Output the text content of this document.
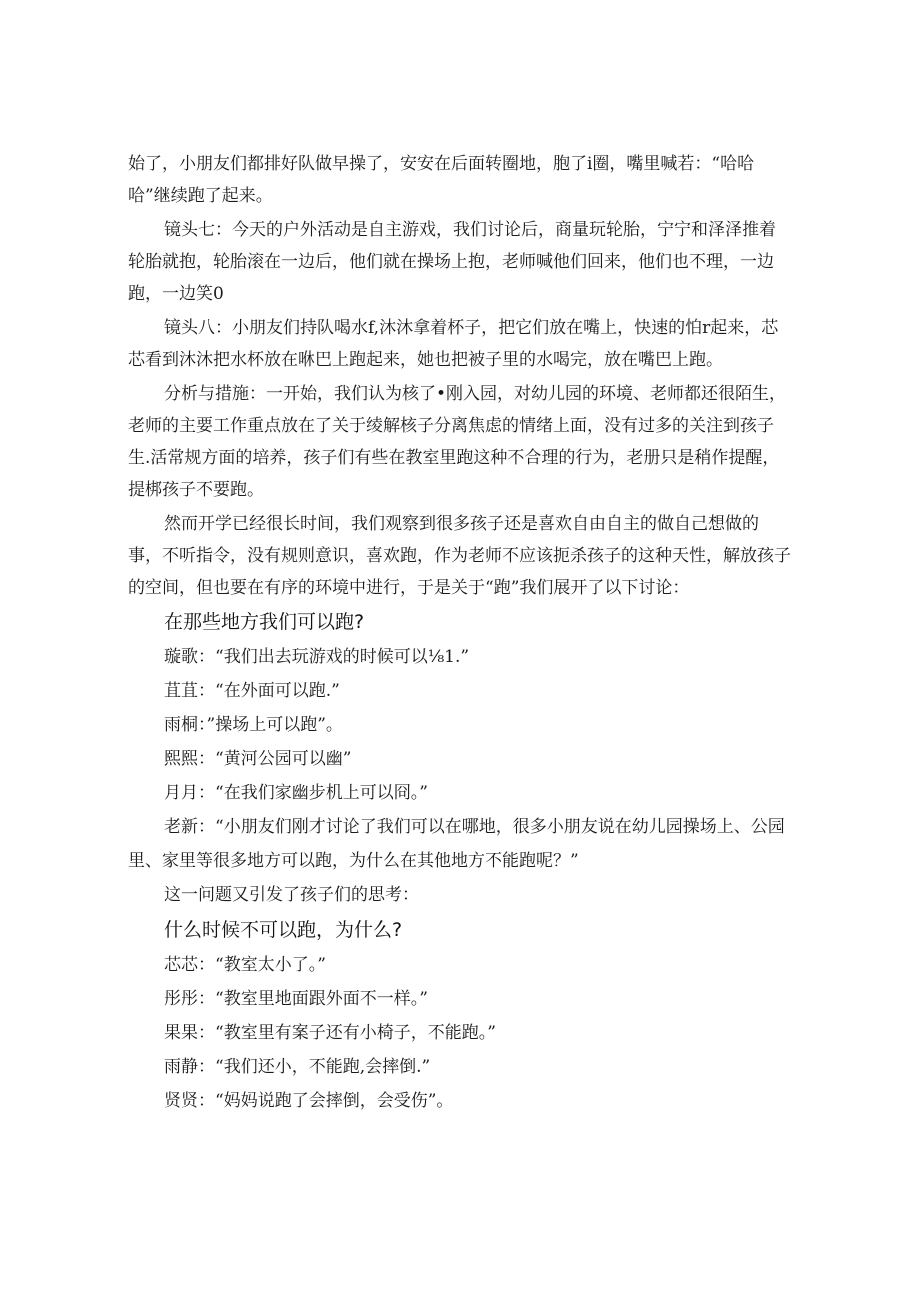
始了，小朋友们都排好队做早操了，安安在后面转圈地，胞了i圈，嘴里喊若：“哈哈哈”继续跑了起来。

镜头七：今天的户外活动是自主游戏，我们讨论后，商量玩轮胎，宁宁和泽泽推着轮胎就抱，轮胎滚在一边后，他们就在操场上抱，老师喊他们回来，他们也不理，一边跑，一边笑0

镜头八：小朋友们持队喝水f,沐沐拿着杯子，把它们放在嘴上，快速的怕r起来，芯芯看到沐沐把水杯放在咻巴上跑起来，她也把被子里的水喝完，放在嘴巴上跑。

分析与措施：一开始，我们认为核了•刚入园，对幼儿园的环境、老师都还很陌生，老师的主要工作重点放在了关于绫解核子分离焦虑的情绪上面，没有过多的关注到孩子生.活常规方面的培养，孩子们有些在教室里跑这种不合理的行为，老册只是稍作提醒，提梆孩子不要跑。

然而开学已经很长时间，我们观察到很多孩子还是喜欢自由自主的做自己想做的事，不听指令，没有规则意识，喜欢跑，作为老师不应该扼杀孩子的这种天性，解放孩子的空间，但也要在有序的环境中进行，于是关于“跑”我们展开了以下讨论：

在那些地方我们可以跑?

璇歌：“我们出去玩游戏的时候可以⅛1.”

苴苴：“在外面可以跑.”

雨桐：”操场上可以跑”。

熙熙：“黄河公园可以幽”

月月：“在我们家幽步机上可以冏。”

老新：“小朋友们刚才讨论了我们可以在哪地，很多小朋友说在幼儿园操场上、公园里、家里等很多地方可以跑，为什么在其他地方不能跑呢？”

这一问题又引发了孩子们的思考：

什么时候不可以跑，为什么?

芯芯：“教室太小了。”

彤彤：“教室里地面跟外面不一样。”

果果：“教室里有案子还有小椅子，不能跑。”

雨静：“我们还小，不能跑,会摔倒.”

贤贤：“妈妈说跑了会摔倒，会受伤”。
